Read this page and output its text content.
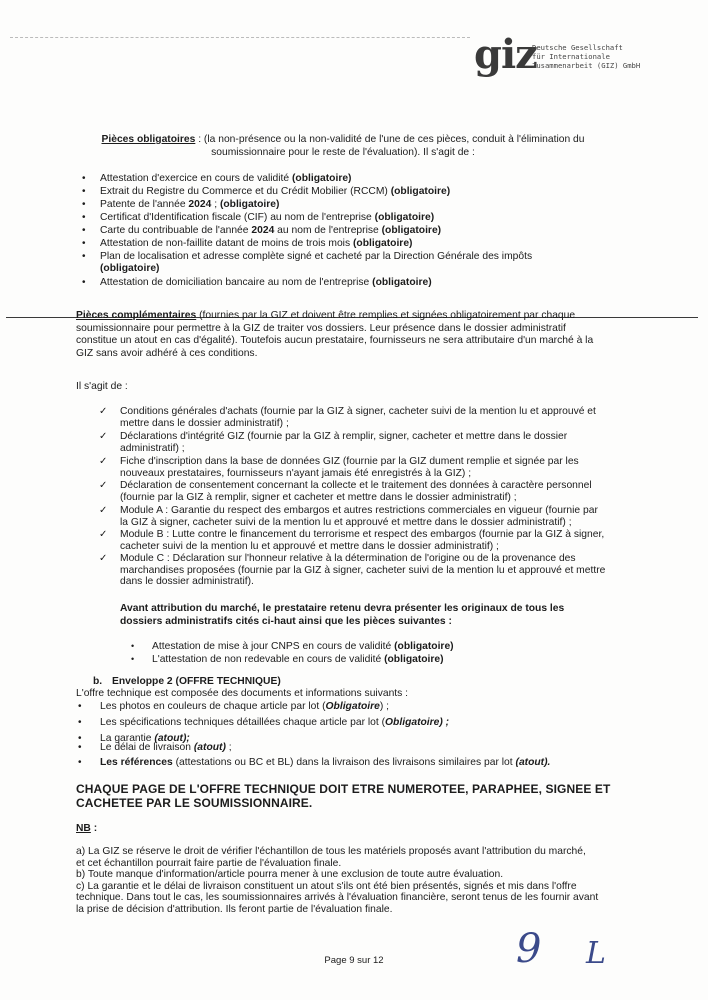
giz
Deutsche Gesellschaft
für Internationale
Zusammenarbeit (GIZ) GmbH
Pièces obligatoires : (la non-présence ou la non-validité de l'une de ces pièces, conduit à l'élimination du
soumissionnaire pour le reste de l'évaluation). Il s'agit de :
• Attestation d'exercice en cours de validité (obligatoire)
• Extrait du Registre du Commerce et du Crédit Mobilier (RCCM) (obligatoire)
• Patente de l'année 2024 ; (obligatoire)
• Certificat d'Identification fiscale (CIF) au nom de l'entreprise (obligatoire)
• Carte du contribuable de l'année 2024 au nom de l'entreprise (obligatoire)
• Attestation de non-faillite datant de moins de trois mois (obligatoire)
• Plan de localisation et adresse complète signé et cacheté par la Direction Générale des impôts
(obligatoire)
• Attestation de domiciliation bancaire au nom de l'entreprise (obligatoire)
Pièces complémentaires (fournies par la GIZ et doivent être remplies et signées obligatoirement par chaque
soumissionnaire pour permettre à la GIZ de traiter vos dossiers. Leur présence dans le dossier administratif
constitue un atout en cas d'égalité). Toutefois aucun prestataire, fournisseurs ne sera attributaire d'un marché à la
GIZ sans avoir adhéré à ces conditions.
Il s'agit de :
✓ Conditions générales d'achats (fournie par la GIZ à signer, cacheter suivi de la mention lu et approuvé et
mettre dans le dossier administratif) ;
✓ Déclarations d'intégrité GIZ (fournie par la GIZ à remplir, signer, cacheter et mettre dans le dossier
administratif) ;
✓ Fiche d'inscription dans la base de données GIZ (fournie par la GIZ dument remplie et signée par les
nouveaux prestataires, fournisseurs n'ayant jamais été enregistrés à la GIZ) ;
✓ Déclaration de consentement concernant la collecte et le traitement des données à caractère personnel
(fournie par la GIZ à remplir, signer et cacheter et mettre dans le dossier administratif) ;
✓ Module A : Garantie du respect des embargos et autres restrictions commerciales en vigueur (fournie par
la GIZ à signer, cacheter suivi de la mention lu et approuvé et mettre dans le dossier administratif) ;
✓ Module B : Lutte contre le financement du terrorisme et respect des embargos (fournie par la GIZ à signer,
cacheter suivi de la mention lu et approuvé et mettre dans le dossier administratif) ;
✓ Module C : Déclaration sur l'honneur relative à la détermination de l'origine ou de la provenance des
marchandises proposées (fournie par la GIZ à signer, cacheter suivi de la mention lu et approuvé et mettre
dans le dossier administratif).
Avant attribution du marché, le prestataire retenu devra présenter les originaux de tous les
dossiers administratifs cités ci-haut ainsi que les pièces suivantes :
• Attestation de mise à jour CNPS en cours de validité (obligatoire)
• L'attestation de non redevable en cours de validité (obligatoire)
b. Enveloppe 2 (OFFRE TECHNIQUE)
L'offre technique est composée des documents et informations suivants :
• Les photos en couleurs de chaque article par lot (Obligatoire) ;
• Les spécifications techniques détaillées chaque article par lot (Obligatoire) ;
• La garantie (atout);
• Le délai de livraison (atout) ;
• Les références (attestations ou BC et BL) dans la livraison des livraisons similaires par lot (atout).
CHAQUE PAGE DE L'OFFRE TECHNIQUE DOIT ETRE NUMEROTEE, PARAPHEE, SIGNEE ET
CACHETEE PAR LE SOUMISSIONNAIRE.
NB :
a) La GIZ se réserve le droit de vérifier l'échantillon de tous les matériels proposés avant l'attribution du marché,
et cet échantillon pourrait faire partie de l'évaluation finale.
b) Toute manque d'information/article pourra mener à une exclusion de toute autre évaluation.
c) La garantie et le délai de livraison constituent un atout s'ils ont été bien présentés, signés et mis dans l'offre
technique. Dans tout le cas, les soumissionnaires arrivés à l'évaluation financière, seront tenus de les fournir avant
la prise de décision d'attribution. Ils feront partie de l'évaluation finale.
9 L
Page 9 sur 12
